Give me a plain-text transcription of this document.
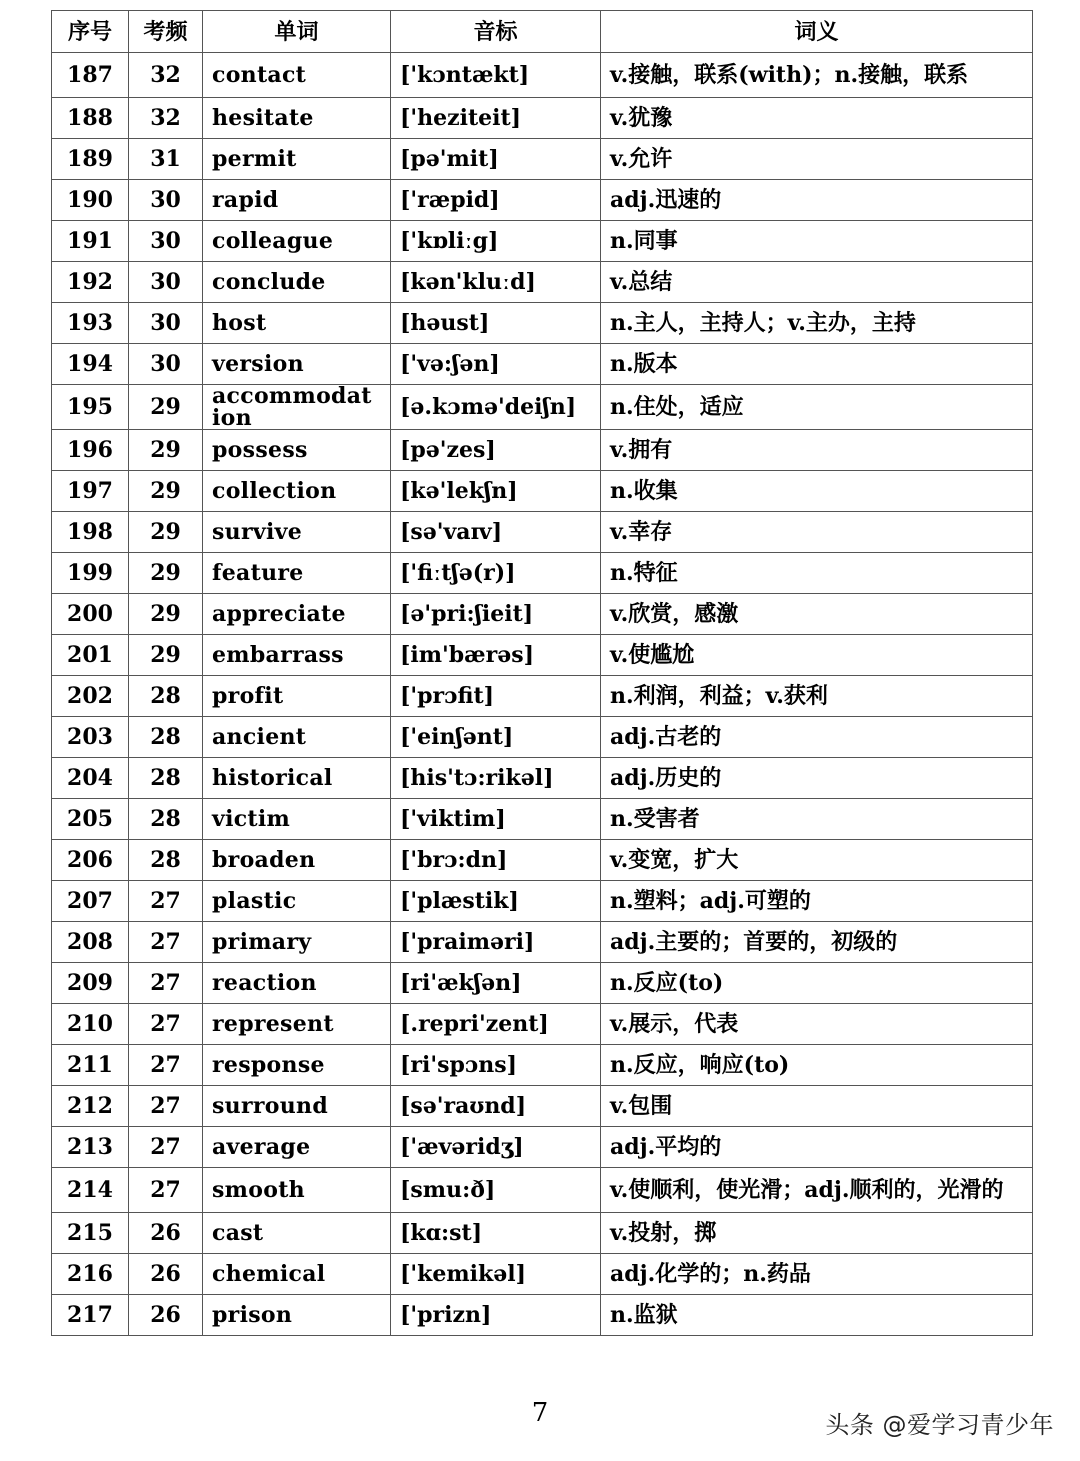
序号	考频	单词	音标	词义
187	32	contact	['kɔntækt]	v.接触，联系(with)；n.接触，联系
188	32	hesitate	['heziteit]	v.犹豫
189	31	permit	[pə'mit]	v.允许
190	30	rapid	['ræpid]	adj.迅速的
191	30	colleague	['kɒliːg]	n.同事
192	30	conclude	[kən'kluːd]	v.总结
193	30	host	[həust]	n.主人，主持人；v.主办，主持
194	30	version	['və:ʃən]	n.版本
195	29	accommodation	[ə.kɔmə'deiʃn]	n.住处，适应
196	29	possess	[pə'zes]	v.拥有
197	29	collection	[kə'lekʃn]	n.收集
198	29	survive	[sə'vaɪv]	v.幸存
199	29	feature	['fiːtʃə(r)]	n.特征
200	29	appreciate	[ə'pri:ʃieit]	v.欣赏，感激
201	29	embarrass	[im'bærəs]	v.使尴尬
202	28	profit	['prɔfit]	n.利润，利益；v.获利
203	28	ancient	['einʃənt]	adj.古老的
204	28	historical	[his'tɔ:rikəl]	adj.历史的
205	28	victim	['viktim]	n.受害者
206	28	broaden	['brɔ:dn]	v.变宽，扩大
207	27	plastic	['plæstik]	n.塑料；adj.可塑的
208	27	primary	['praiməri]	adj.主要的；首要的，初级的
209	27	reaction	[ri'ækʃən]	n.反应(to)
210	27	represent	[.repri'zent]	v.展示，代表
211	27	response	[ri'spɔns]	n.反应，响应(to)
212	27	surround	[sə'raʊnd]	v.包围
213	27	average	['ævəridʒ]	adj.平均的
214	27	smooth	[smu:ð]	v.使顺利，使光滑；adj.顺利的，光滑的
215	26	cast	[kɑ:st]	v.投射，掷
216	26	chemical	['kemikəl]	adj.化学的；n.药品
217	26	prison	['prizn]	n.监狱
7	头条 @爱学习青少年
